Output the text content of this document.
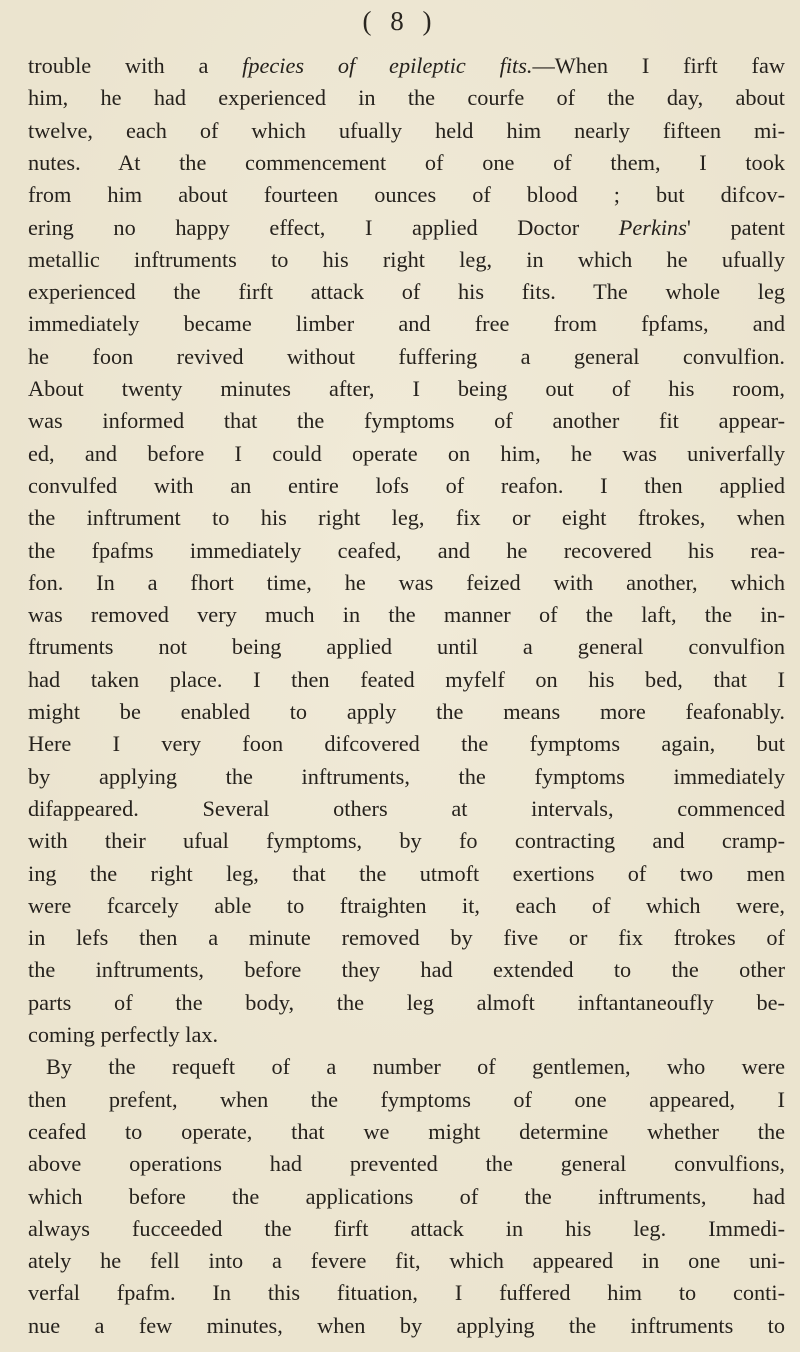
( 8 )
trouble with a fpecies of epileptic fits.—When I firft faw
him, he had experienced in the courfe of the day, about
twelve, each of which ufually held him nearly fifteen mi-
nutes. At the commencement of one of them, I took
from him about fourteen ounces of blood ; but difcov-
ering no happy effect, I applied Doctor Perkins' patent
metallic inftruments to his right leg, in which he ufually
experienced the firft attack of his fits. The whole leg
immediately became limber and free from fpfams, and
he foon revived without fuffering a general convulfion.
About twenty minutes after, I being out of his room,
was informed that the fymptoms of another fit appear-
ed, and before I could operate on him, he was univerfally
convulfed with an entire lofs of reafon. I then applied
the inftrument to his right leg, fix or eight ftrokes, when
the fpafms immediately ceafed, and he recovered his rea-
fon. In a fhort time, he was feized with another, which
was removed very much in the manner of the laft, the in-
ftruments not being applied until a general convulfion
had taken place. I then feated myfelf on his bed, that I
might be enabled to apply the means more feafonably.
Here I very foon difcovered the fymptoms again, but
by applying the inftruments, the fymptoms immediately
difappeared. Several others at intervals, commenced
with their ufual fymptoms, by fo contracting and cramp-
ing the right leg, that the utmoft exertions of two men
were fcarcely able to ftraighten it, each of which were,
in lefs then a minute removed by five or fix ftrokes of
the inftruments, before they had extended to the other
parts of the body, the leg almoft inftantaneoufly be-
coming perfectly lax.
By the requeft of a number of gentlemen, who were
then prefent, when the fymptoms of one appeared, I
ceafed to operate, that we might determine whether the
above operations had prevented the general convulfions,
which before the applications of the inftruments, had
always fucceeded the firft attack in his leg. Immedi-
ately he fell into a fevere fit, which appeared in one uni-
verfal fpafm. In this fituation, I fuffered him to conti-
nue a few minutes, when by applying the inftruments to
